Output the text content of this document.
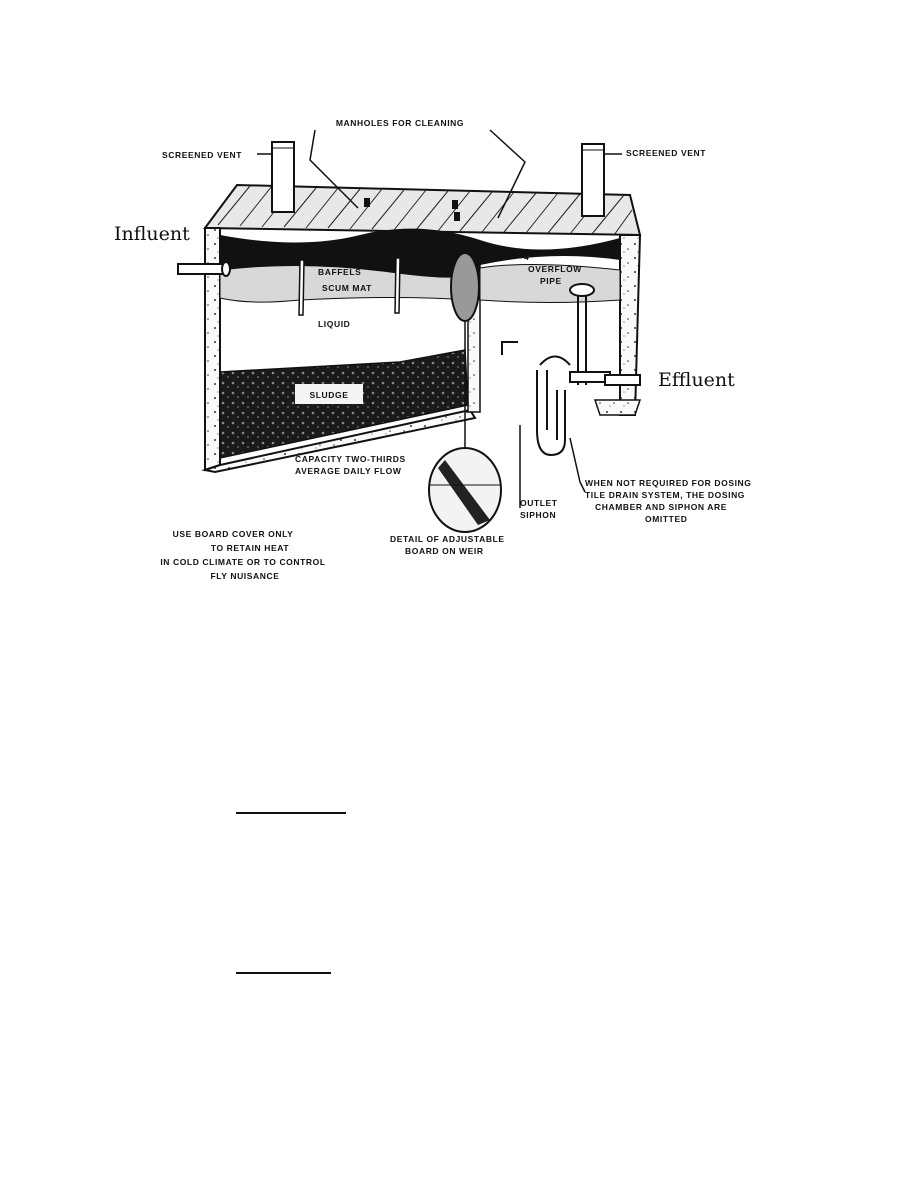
MANHOLES FOR CLEANING
SCREENED VENT	SCREENED VENT
Influent
Effluent
BAFFELS
SCUM MAT
LIQUID
SLUDGE
4"
OVERFLOW
PIPE
CAPACITY TWO-THIRDS
AVERAGE DAILY FLOW
OUTLET
SIPHON
WHEN NOT REQUIRED FOR DOSING
TILE DRAIN SYSTEM, THE DOSING
CHAMBER AND SIPHON ARE
OMITTED
DETAIL OF ADJUSTABLE
BOARD ON WEIR
USE BOARD COVER ONLY
TO RETAIN HEAT
IN COLD CLIMATE OR TO CONTROL
FLY NUISANCE
